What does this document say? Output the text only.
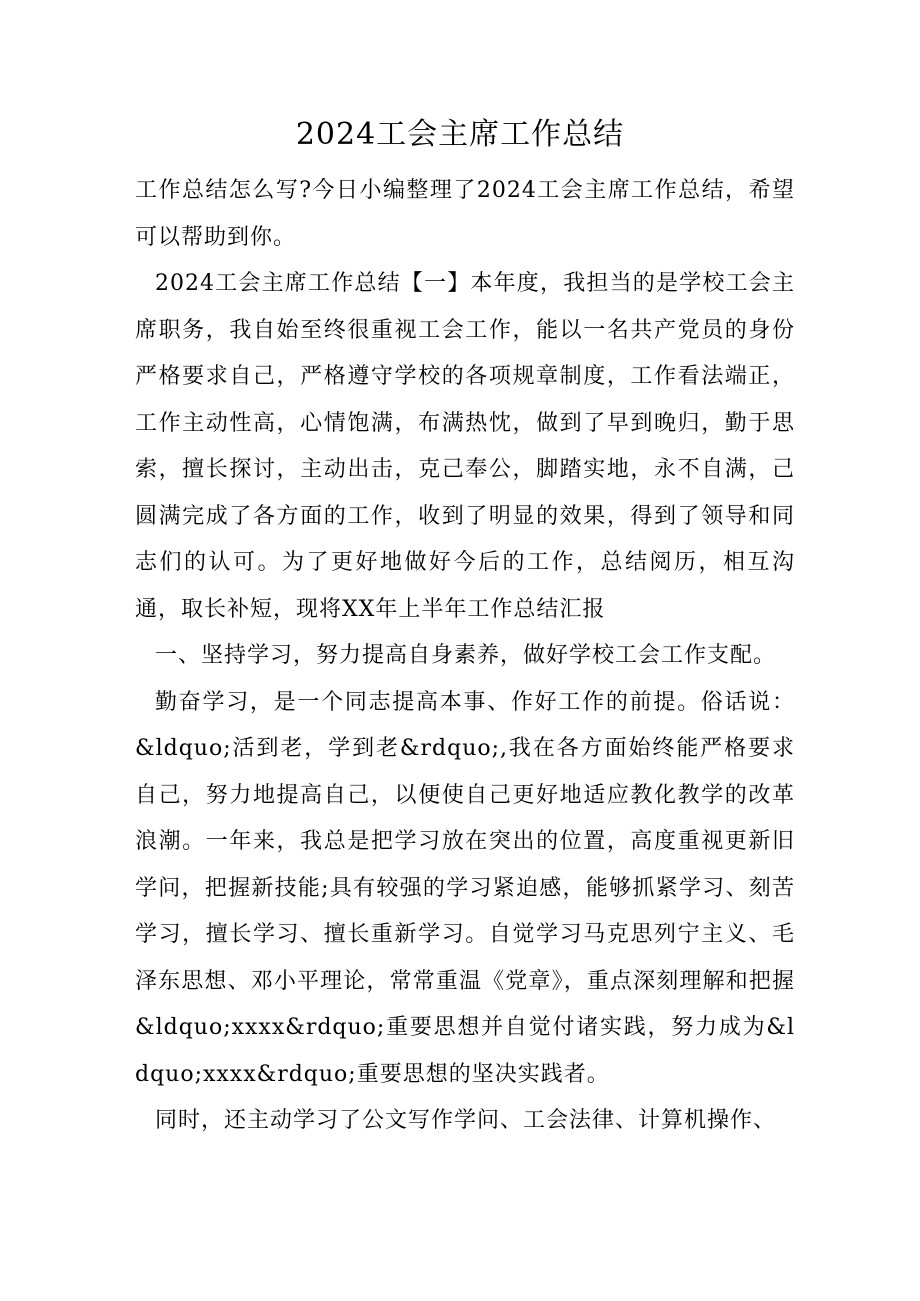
2024工会主席工作总结

工作总结怎么写?今日小编整理了2024工会主席工作总结，希望可以帮助到你。

2024工会主席工作总结【一】本年度，我担当的是学校工会主席职务，我自始至终很重视工会工作，能以一名共产党员的身份严格要求自己，严格遵守学校的各项规章制度，工作看法端正，工作主动性高，心情饱满，布满热忱，做到了早到晚归，勤于思索，擅长探讨，主动出击，克己奉公，脚踏实地，永不自满，己圆满完成了各方面的工作，收到了明显的效果，得到了领导和同志们的认可。为了更好地做好今后的工作，总结阅历，相互沟通，取长补短，现将XX年上半年工作总结汇报

一、坚持学习，努力提高自身素养，做好学校工会工作支配。

勤奋学习，是一个同志提高本事、作好工作的前提。俗话说：&ldquo;活到老，学到老&rdquo;,我在各方面始终能严格要求自己，努力地提高自己，以便使自己更好地适应教化教学的改革浪潮。一年来，我总是把学习放在突出的位置，高度重视更新旧学问，把握新技能;具有较强的学习紧迫感，能够抓紧学习、刻苦学习，擅长学习、擅长重新学习。自觉学习马克思列宁主义、毛泽东思想、邓小平理论，常常重温《党章》，重点深刻理解和把握&ldquo;xxxx&rdquo;重要思想并自觉付诸实践，努力成为&ldquo;xxxx&rdquo;重要思想的坚决实践者。

同时，还主动学习了公文写作学问、工会法律、计算机操作、
